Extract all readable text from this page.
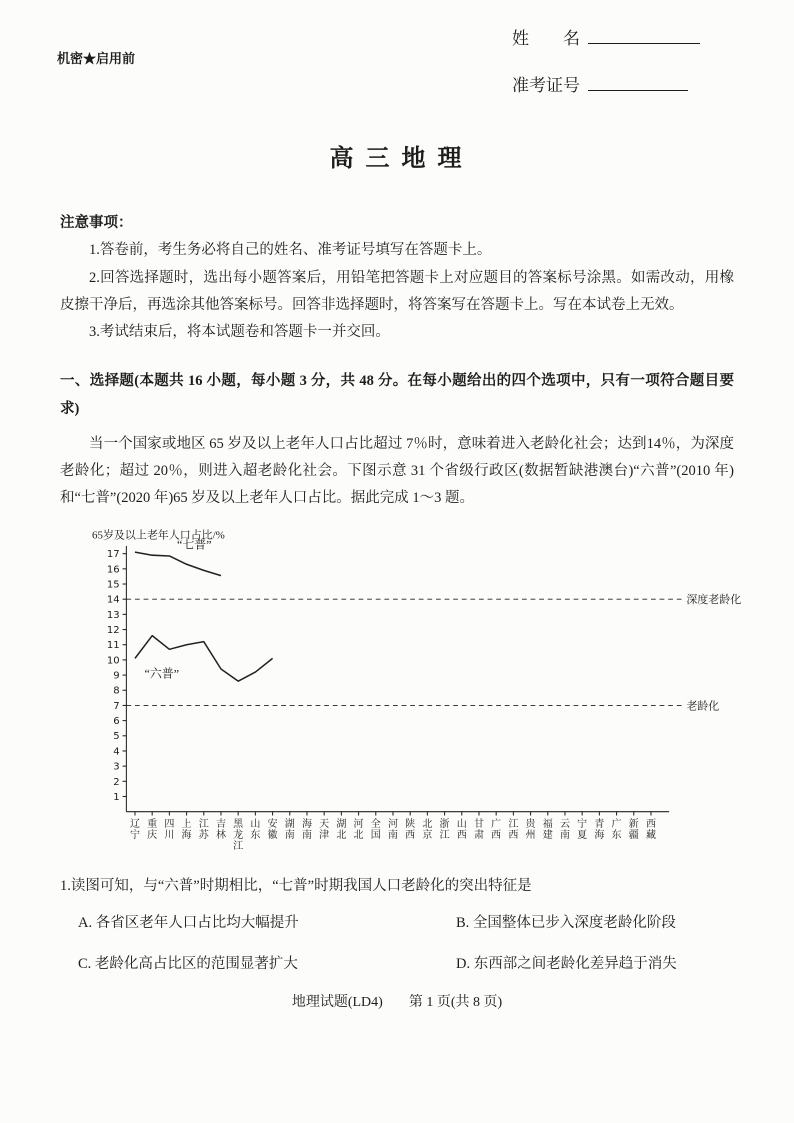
机密★启用前
姓　　名
准考证号
高 三 地 理
注意事项：

1.答卷前，考生务必将自己的姓名、准考证号填写在答题卡上。

2.回答选择题时，选出每小题答案后，用铅笔把答题卡上对应题目的答案标号涂黑。如需改动，用橡皮擦干净后，再选涂其他答案标号。回答非选择题时，将答案写在答题卡上。写在本试卷上无效。

3.考试结束后，将本试题卷和答题卡一并交回。

一、选择题(本题共 16 小题，每小题 3 分，共 48 分。在每小题给出的四个选项中，只有一项符合题目要求)

当一个国家或地区 65 岁及以上老年人口占比超过 7％时，意味着进入老龄化社会；达到14％，为深度老龄化；超过 20％，则进入超老龄化社会。下图示意 31 个省级行政区(数据暂缺港澳台)“六普”(2010 年)和“七普”(2020 年)65 岁及以上老年人口占比。据此完成 1～3 题。

65岁及以上老年人口占比/%
1
2
3
4
5
6
7
8
9
10
11
12
13
14
15
16
17
辽
宁
重
庆
四
川
上
海
江
苏
吉
林
黑
龙
江
山
东
安
徽
湖
南
海
南
天
津
湖
北
河
北
全
国
河
南
陕
西
北
京
浙
江
山
西
甘
肃
广
西
江
西
贵
州
福
建
云
南
宁
夏
青
海
广
东
新
疆
西
藏
深度老龄化
老龄化
“七普”
“六普”
1.读图可知，与“六普”时期相比，“七普”时期我国人口老龄化的突出特征是
A. 各省区老年人口占比均大幅提升	B. 全国整体已步入深度老龄化阶段
C. 老龄化高占比区的范围显著扩大	D. 东西部之间老龄化差异趋于消失
地理试题(LD4) 第 1 页(共 8 页)
